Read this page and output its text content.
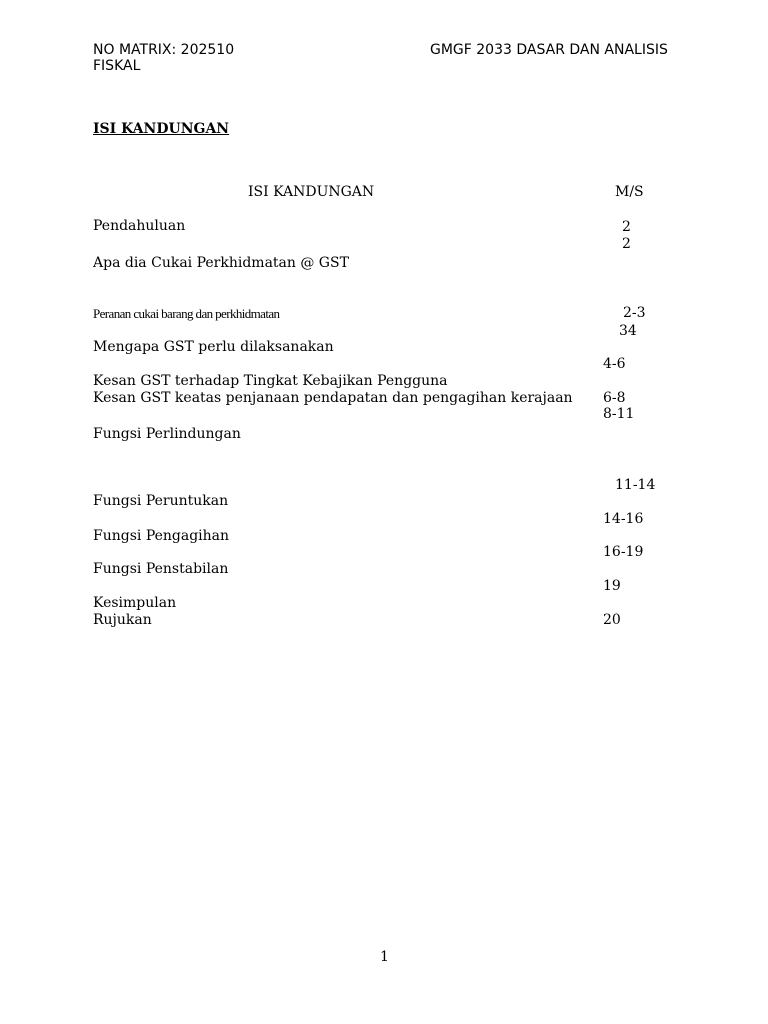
NO MATRIX: 202510	GMGF 2033 DASAR DAN ANALISIS
FISKAL
ISI KANDUNGAN
ISI KANDUNGAN	M/S
Pendahuluan
Apa dia Cukai Perkhidmatan @ GST
Peranan cukai barang dan perkhidmatan
Mengapa GST perlu dilaksanakan
Kesan GST terhadap Tingkat Kebajikan Pengguna
Kesan GST keatas penjanaan pendapatan dan pengagihan kerajaan
Fungsi Perlindungan
Fungsi Peruntukan
Fungsi Pengagihan
Fungsi Penstabilan
Kesimpulan
Rujukan
2
2
2-3
34
4-6
6-8
8-11
11-14
14-16
16-19
19
20
1
